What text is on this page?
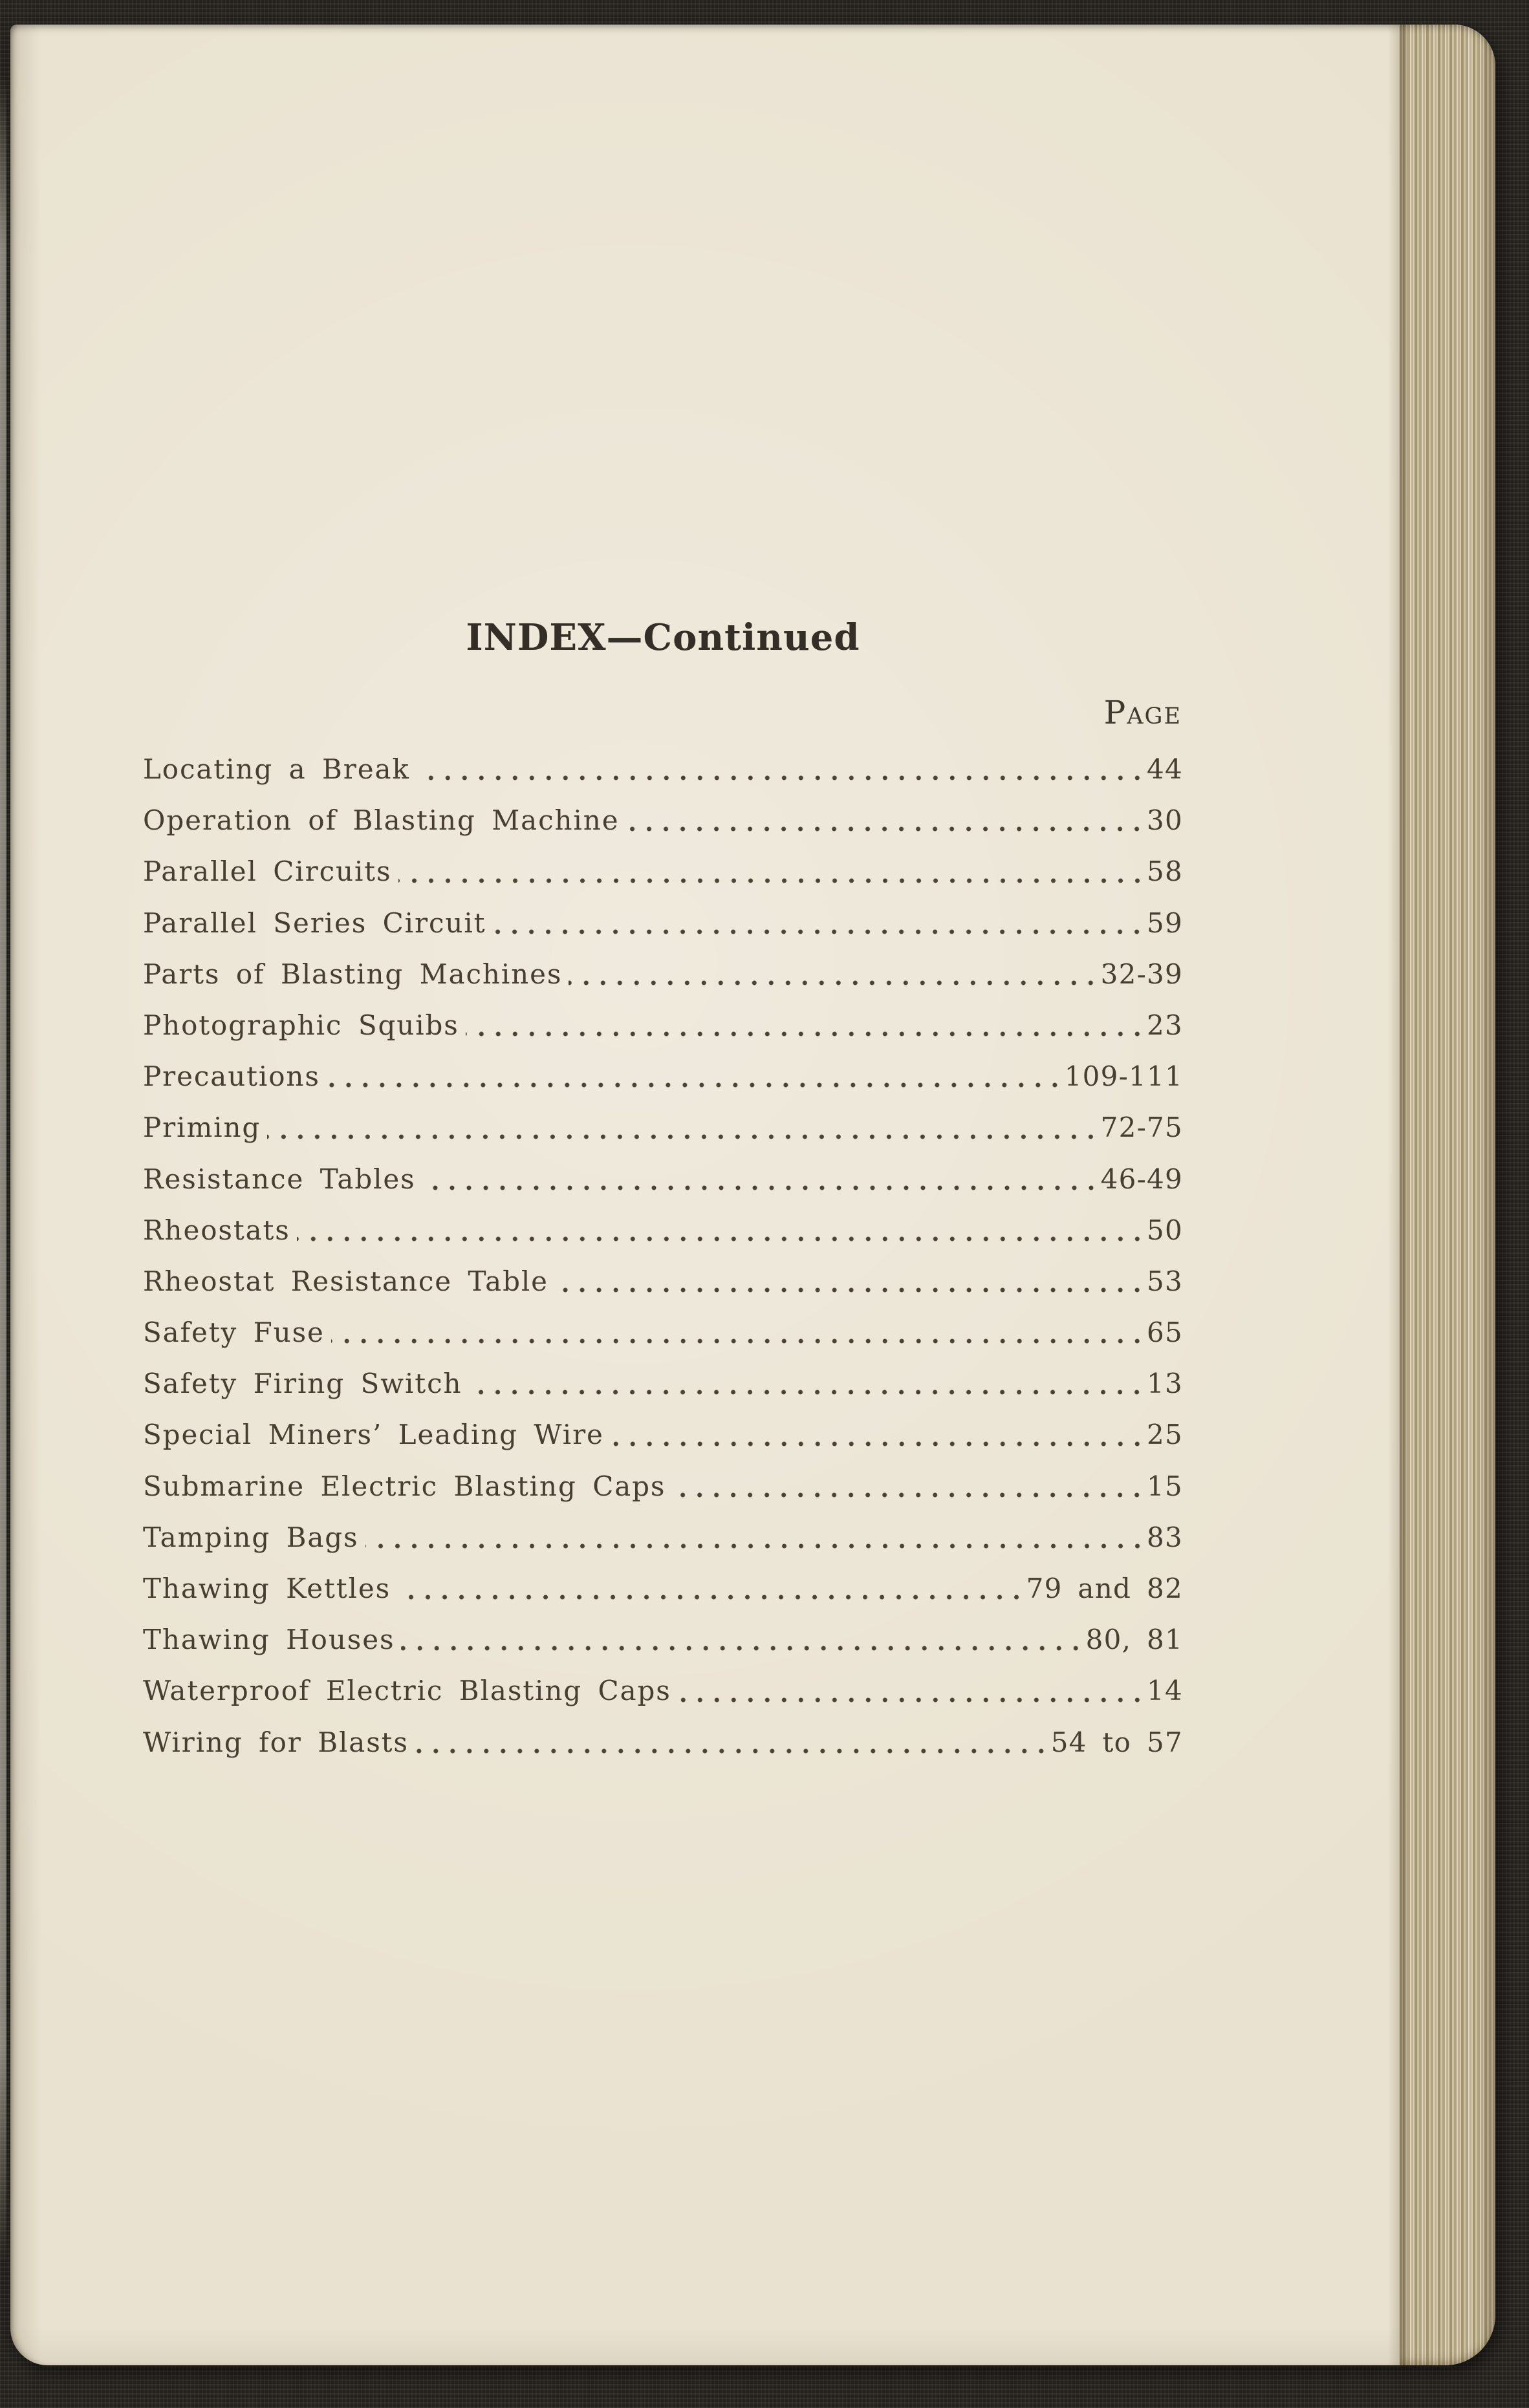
INDEX—Continued
Page
Locating a Break	44
Operation of Blasting Machine	30
Parallel Circuits	58
Parallel Series Circuit	59
Parts of Blasting Machines	32-39
Photographic Squibs	23
Precautions	109-111
Priming	72-75
Resistance Tables	46-49
Rheostats	50
Rheostat Resistance Table	53
Safety Fuse	65
Safety Firing Switch	13
Special Miners’ Leading Wire	25
Submarine Electric Blasting Caps	15
Tamping Bags	83
Thawing Kettles	79 and 82
Thawing Houses	80, 81
Waterproof Electric Blasting Caps	14
Wiring for Blasts	54 to 57
